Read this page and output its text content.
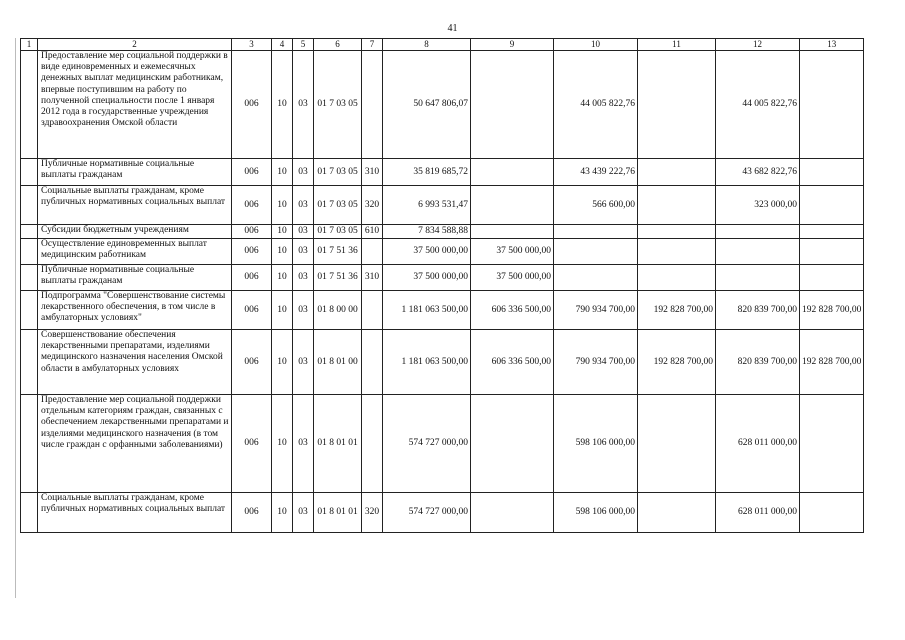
41
1	2	3	4	5	6	7	8	9	10	11	12	13
	Предоставление мер социальной поддержки в виде единовременных и ежемесячных денежных выплат медицинским работникам, впервые поступившим на работу по полученной специальности после 1 января 2012 года в государственные учреждения здравоохранения Омской области	006	10	03	01 7 03 05		50 647 806,07		44 005 822,76		44 005 822,76	
	Публичные нормативные социальные выплаты гражданам	006	10	03	01 7 03 05	310	35 819 685,72		43 439 222,76		43 682 822,76	
	Социальные выплаты гражданам, кроме публичных нормативных социальных выплат	006	10	03	01 7 03 05	320	6 993 531,47		566 600,00		323 000,00	
	Субсидии бюджетным учреждениям	006	10	03	01 7 03 05	610	7 834 588,88					
	Осуществление единовременных выплат медицинским работникам	006	10	03	01 7 51 36		37 500 000,00	37 500 000,00				
	Публичные нормативные социальные выплаты гражданам	006	10	03	01 7 51 36	310	37 500 000,00	37 500 000,00				
	Подпрограмма "Совершенствование системы лекарственного обеспечения, в том числе в амбулаторных условиях"	006	10	03	01 8 00 00		1 181 063 500,00	606 336 500,00	790 934 700,00	192 828 700,00	820 839 700,00	192 828 700,00
	Совершенствование обеспечения лекарственными препаратами, изделиями медицинского назначения населения Омской области в амбулаторных условиях	006	10	03	01 8 01 00		1 181 063 500,00	606 336 500,00	790 934 700,00	192 828 700,00	820 839 700,00	192 828 700,00
	Предоставление мер социальной поддержки отдельным категориям граждан, связанных с обеспечением лекарственными препаратами и изделиями медицинского назначения (в том числе граждан с орфанными заболеваниями)	006	10	03	01 8 01 01		574 727 000,00		598 106 000,00		628 011 000,00	
	Социальные выплаты гражданам, кроме публичных нормативных социальных выплат	006	10	03	01 8 01 01	320	574 727 000,00		598 106 000,00		628 011 000,00	
